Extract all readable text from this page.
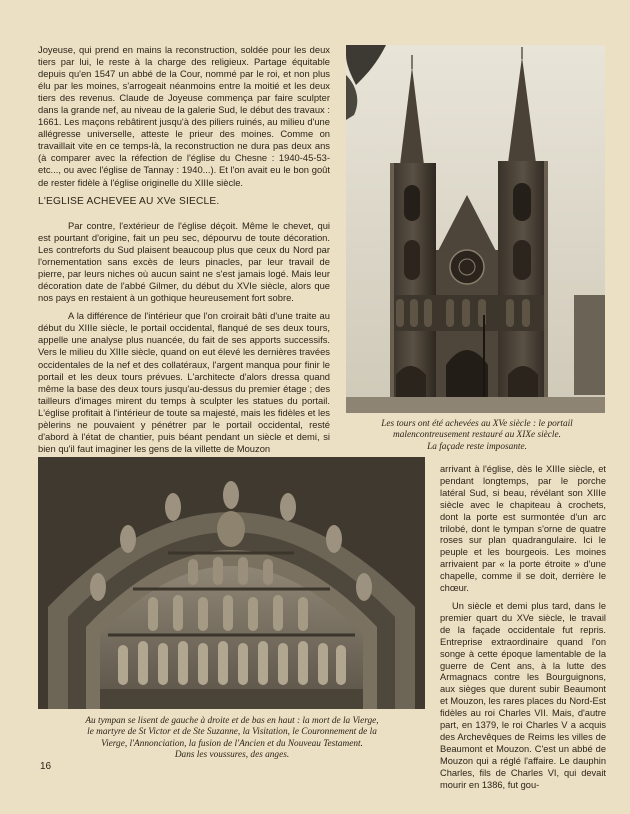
Joyeuse, qui prend en mains la reconstruction, soldée pour les deux tiers par lui, le reste à la charge des religieux. Partage équitable depuis qu'en 1547 un abbé de la Cour, nommé par le roi, et non plus élu par les moines, s'arrogeait néanmoins entre la moitié et les deux tiers des revenus. Claude de Joyeuse commença par faire sculpter dans la grande nef, au niveau de la galerie Sud, le début des travaux : 1661. Les maçons rebâtirent jusqu'à des piliers ruinés, au milieu d'une allégresse universelle, atteste le prieur des moines. Comme on travaillait vite en ce temps-là, la reconstruction ne dura pas deux ans (à comparer avec la réfection de l'église du Chesne : 1940-45-53-etc..., ou avec l'église de Tannay : 1940...). Et l'on avait eu le bon goût de rester fidèle à l'église originelle du XIIIe siècle.

L'EGLISE ACHEVEE AU XVe SIECLE.

Par contre, l'extérieur de l'église déçoit. Même le chevet, qui est pourtant d'origine, fait un peu sec, dépourvu de toute décoration. Les contreforts du Sud plaisent beaucoup plus que ceux du Nord par l'ornementation sans excès de leurs pinacles, par leur travail de pierre, par leurs niches où aucun saint ne s'est jamais logé. Mais leur décoration date de l'abbé Gilmer, du début du XVIe siècle, alors que nos pays en restaient à un gothique heureusement fort sobre.

A la différence de l'intérieur que l'on croirait bâti d'une traite au début du XIIIe siècle, le portail occidental, flanqué de ses deux tours, appelle une analyse plus nuancée, du fait de ses apports successifs. Vers le milieu du XIIIe siècle, quand on eut élevé les dernières travées occidentales de la nef et des collatéraux, l'argent manqua pour finir le portail et les deux tours prévues. L'architecte d'alors dressa quand même la base des deux tours jusqu'au-dessus du premier étage ; des tailleurs d'images mirent du temps à sculpter les statues du portail. L'église profitait à l'intérieur de toute sa majesté, mais les fidèles et les pèlerins ne pouvaient y pénétrer par le portail occidental, resté d'abord à l'état de chantier, puis béant pendant un siècle et demi, si bien qu'il faut imaginer les gens de la villette de Mouzon

Les tours ont été achevées au XVe siècle : le portail
malencontreusement restauré au XIXe siècle.
La façade reste imposante.
Au tympan se lisent de gauche à droite et de bas en haut : la mort de la Vierge,
le martyre de St Victor et de Ste Suzanne, la Visitation, le Couronnement de la
Vierge, l'Annonciation, la fusion de l'Ancien et du Nouveau Testament.
Dans les voussures, des anges.

arrivant à l'église, dès le XIIIe siècle, et pendant longtemps, par le porche latéral Sud, si beau, révélant son XIIIe siècle avec le chapiteau à crochets, dont la porte est surmontée d'un arc trilobé, dont le tympan s'orne de quatre roses sur plan quadrangulaire. Ici le peuple et les bourgeois. Les moines arrivaient par « la porte étroite » d'une chapelle, comme il se doit, derrière le chœur.

Un siècle et demi plus tard, dans le premier quart du XVe siècle, le travail de la façade occidentale fut repris. Entreprise extraordinaire quand l'on songe à cette époque lamentable de la guerre de Cent ans, à la lutte des Armagnacs contre les Bourguignons, aux sièges que durent subir Beaumont et Mouzon, les rares places du Nord-Est fidèles au roi Charles VII. Mais, d'autre part, en 1379, le roi Charles V a acquis des Archevêques de Reims les villes de Beaumont et Mouzon. C'est un abbé de Mouzon qui a réglé l'affaire. Le dauphin Charles, fils de Charles VI, qui devait mourir en 1386, fut gou-

16
